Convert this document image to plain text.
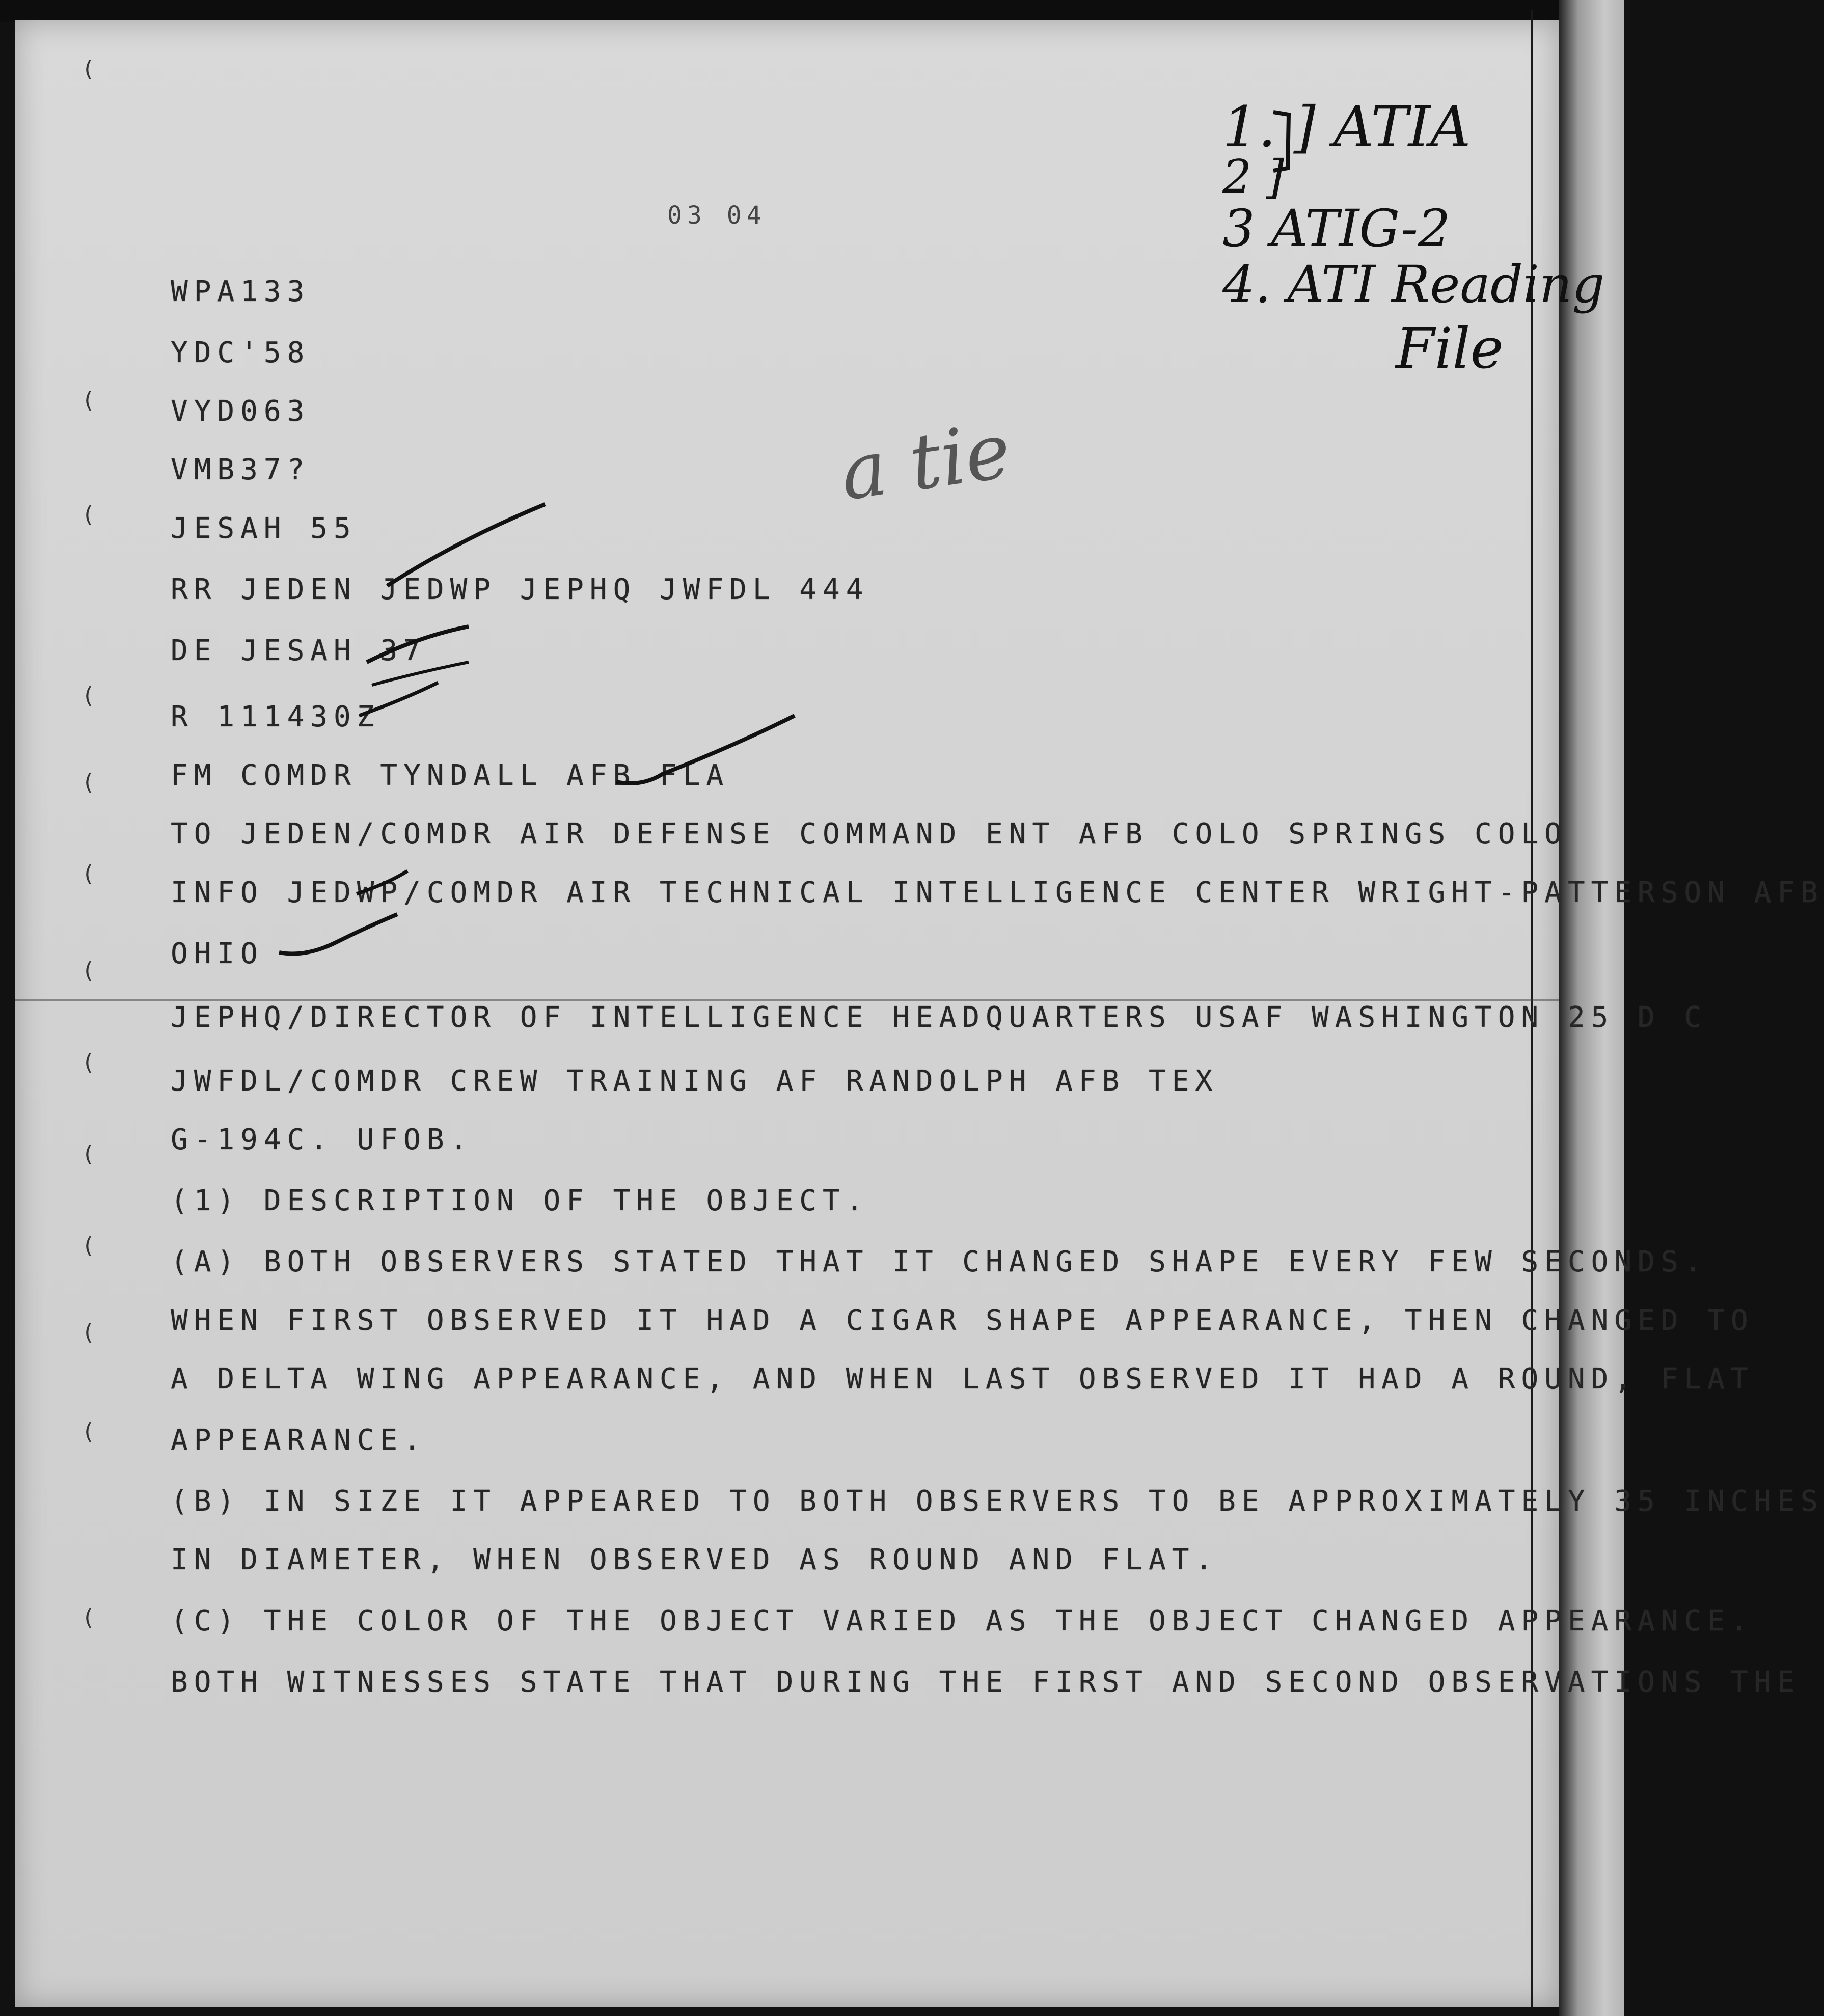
(
(
(
(
(
(
(
(
(
(
(
(
(
03 04
WPA133
YDC'58
VYD063
VMB37?
JESAH 55
RR JEDEN JEDWP JEPHQ JWFDL 444
DE JESAH 37
R 111430Z
FM COMDR TYNDALL AFB FLA
TO JEDEN/COMDR AIR DEFENSE COMMAND ENT AFB COLO SPRINGS COLO
INFO JEDWP/COMDR AIR TECHNICAL INTELLIGENCE CENTER WRIGHT-PATTERSON AFB
OHIO
JEPHQ/DIRECTOR OF INTELLIGENCE HEADQUARTERS USAF WASHINGTON 25 D C
JWFDL/COMDR CREW TRAINING AF RANDOLPH AFB TEX
G-194C. UFOB.
(1) DESCRIPTION OF THE OBJECT.
(A) BOTH OBSERVERS STATED THAT IT CHANGED SHAPE EVERY FEW SECONDS.
WHEN FIRST OBSERVED IT HAD A CIGAR SHAPE APPEARANCE, THEN CHANGED TO
A DELTA WING APPEARANCE, AND WHEN LAST OBSERVED IT HAD A ROUND, FLAT
APPEARANCE.
(B) IN SIZE IT APPEARED TO BOTH OBSERVERS TO BE APPROXIMATELY 35 INCHES
IN DIAMETER, WHEN OBSERVED AS ROUND AND FLAT.
(C) THE COLOR OF THE OBJECT VARIED AS THE OBJECT CHANGED APPEARANCE.
BOTH WITNESSES STATE THAT DURING THE FIRST AND SECOND OBSERVATIONS THE
1. ] ATIA
2 ]
3 ATIG-2
4. ATI Reading
File
a tie
